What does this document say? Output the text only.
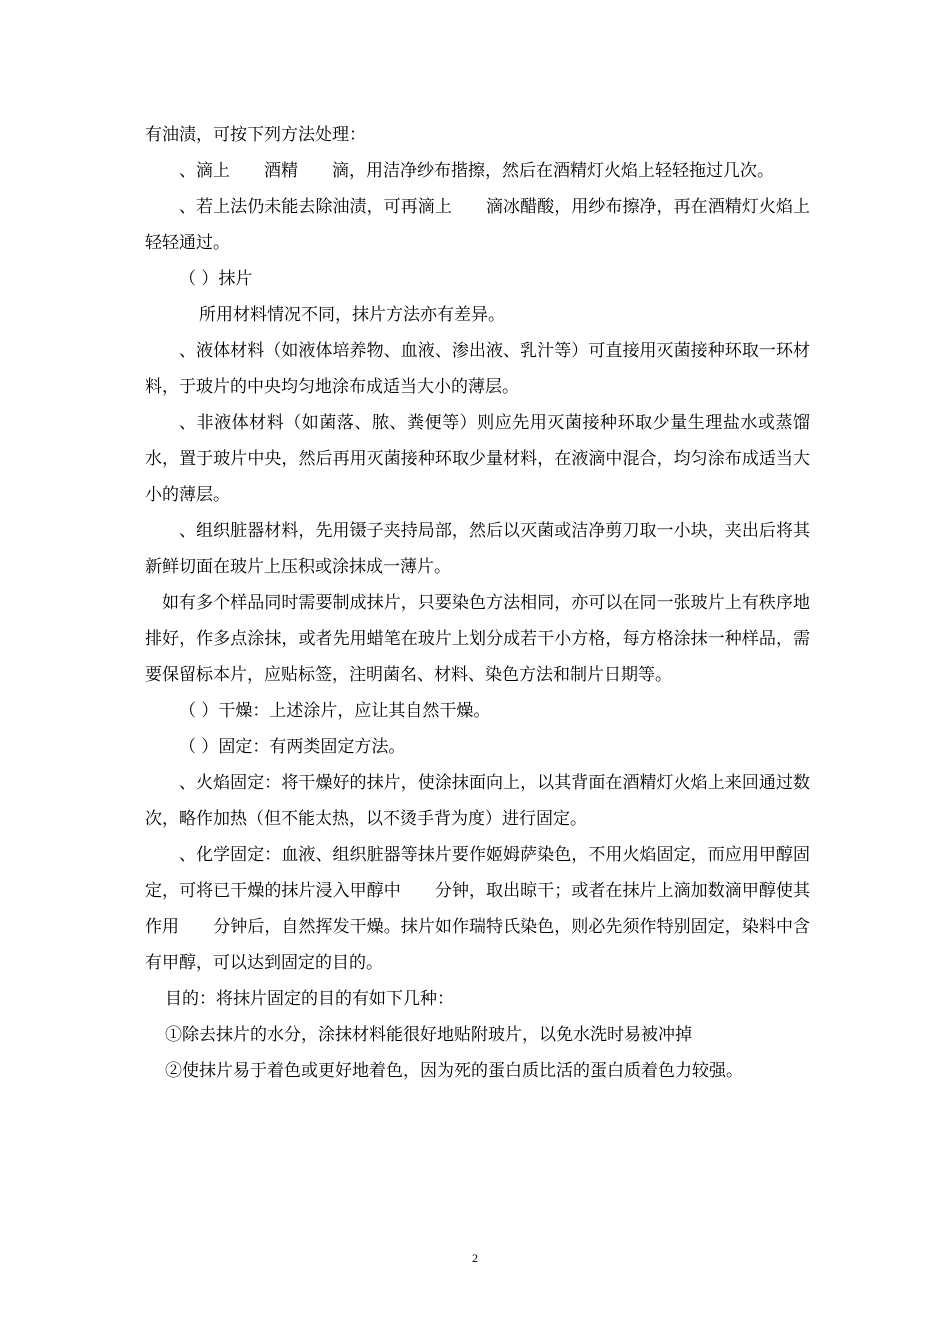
有油渍，可按下列方法处理：

、滴上　　酒精　　滴，用洁净纱布揩擦，然后在酒精灯火焰上轻轻拖过几次。

、若上法仍未能去除油渍，可再滴上　　滴冰醋酸，用纱布擦净，再在酒精灯火焰上轻轻通过。

（ ）抹片

所用材料情况不同，抹片方法亦有差异。

、液体材料（如液体培养物、血液、渗出液、乳汁等）可直接用灭菌接种环取一环材料，于玻片的中央均匀地涂布成适当大小的薄层。

、非液体材料（如菌落、脓、粪便等）则应先用灭菌接种环取少量生理盐水或蒸馏水，置于玻片中央，然后再用灭菌接种环取少量材料，在液滴中混合，均匀涂布成适当大小的薄层。

、组织脏器材料，先用镊子夹持局部，然后以灭菌或洁净剪刀取一小块，夹出后将其新鲜切面在玻片上压积或涂抹成一薄片。

如有多个样品同时需要制成抹片，只要染色方法相同，亦可以在同一张玻片上有秩序地排好，作多点涂抹，或者先用蜡笔在玻片上划分成若干小方格，每方格涂抹一种样品，需要保留标本片，应贴标签，注明菌名、材料、染色方法和制片日期等。

（ ）干燥：上述涂片，应让其自然干燥。

（ ）固定：有两类固定方法。

、火焰固定：将干燥好的抹片，使涂抹面向上，以其背面在酒精灯火焰上来回通过数次，略作加热（但不能太热，以不烫手背为度）进行固定。

、化学固定：血液、组织脏器等抹片要作姬姆萨染色，不用火焰固定，而应用甲醇固定，可将已干燥的抹片浸入甲醇中　　分钟，取出晾干；或者在抹片上滴加数滴甲醇使其作用　　分钟后，自然挥发干燥。抹片如作瑞特氏染色，则必先须作特别固定，染料中含有甲醇，可以达到固定的目的。

目的：将抹片固定的目的有如下几种：

①除去抹片的水分，涂抹材料能很好地贴附玻片，以免水洗时易被冲掉

②使抹片易于着色或更好地着色，因为死的蛋白质比活的蛋白质着色力较强。

2
